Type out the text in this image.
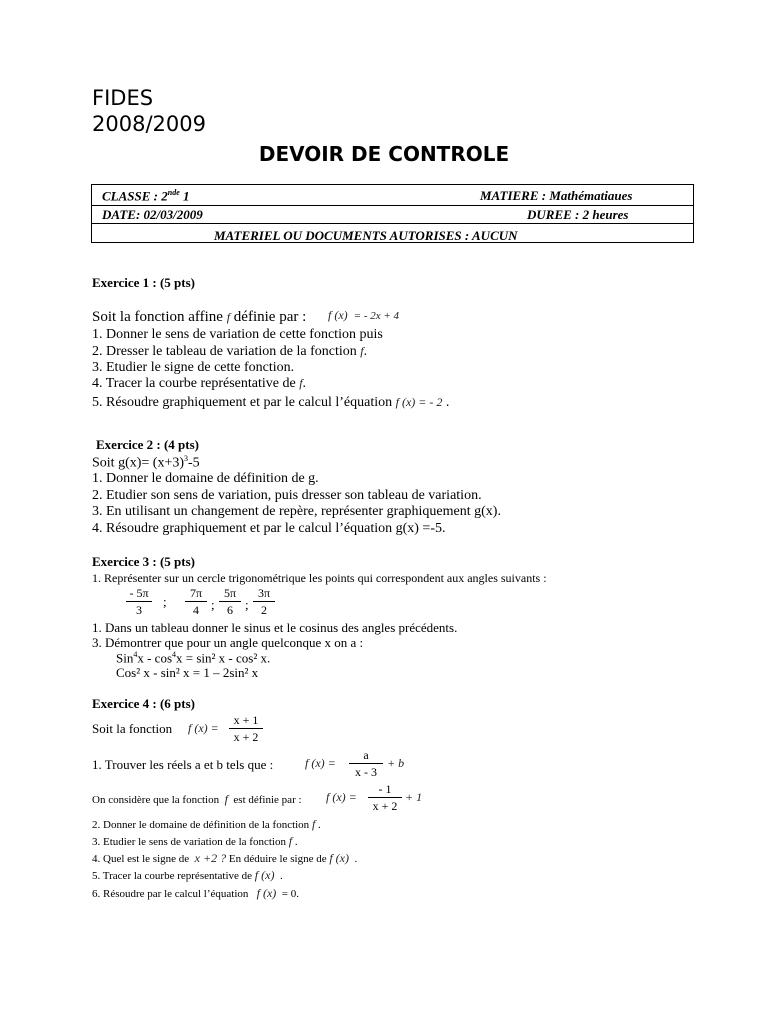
FIDES
2008/2009
DEVOIR DE CONTROLE
CLASSE : 2nde 1	MATIERE : Mathématiaues
DATE: 02/03/2009	DUREE : 2 heures
MATERIEL OU DOCUMENTS AUTORISES : AUCUN
Exercice 1 : (5 pts)
Soit la fonction affine f définie par : f (x) = - 2x + 4
1. Donner le sens de variation de cette fonction puis
2. Dresser le tableau de variation de la fonction f.
3. Etudier le signe de cette fonction.
4. Tracer la courbe représentative de f.
5. Résoudre graphiquement et par le calcul l’équation f (x) = - 2 .
Exercice 2 : (4 pts)
Soit $g(x)= (x+3)^3-5$
1. Donner le domaine de définition de g.
2. Etudier son sens de variation, puis dresser son tableau de variation.
3. En utilisant un changement de repère, représenter graphiquement g(x).
4. Résoudre graphiquement et par le calcul l’équation g(x) =-5.
Exercice 3 : (5 pts)
1. Représenter sur un cercle trigonométrique les points qui correspondent aux angles suivants :
- 5π
3
;
7π
4 ;
5π
6 ;
3π
2
1. Dans un tableau donner le sinus et le cosinus des angles précédents.
3. Démontrer que pour un angle quelconque x on a :
$Sin^4x - \cos^4x = \sin^2$ x - cos² x.
Cos² x - sin² x = 1 – 2sin² x
Exercice 4 : (6 pts)
Soit la fonction f (x) =
x + 1
x + 2
1. Trouver les réels a et b tels que :	f (x) =
a
x - 3
+ b
On considère que la fonction f est définie par : f (x) =
- 1
x + 2
+ 1
2. Donner le domaine de définition de la fonction f .
3. Etudier le sens de variation de la fonction f .
4. Quel est le signe de x +2 ? En déduire le signe de f (x) .
5. Tracer la courbe représentative de f (x) .
6. Résoudre par le calcul l’équation f (x) = 0.
